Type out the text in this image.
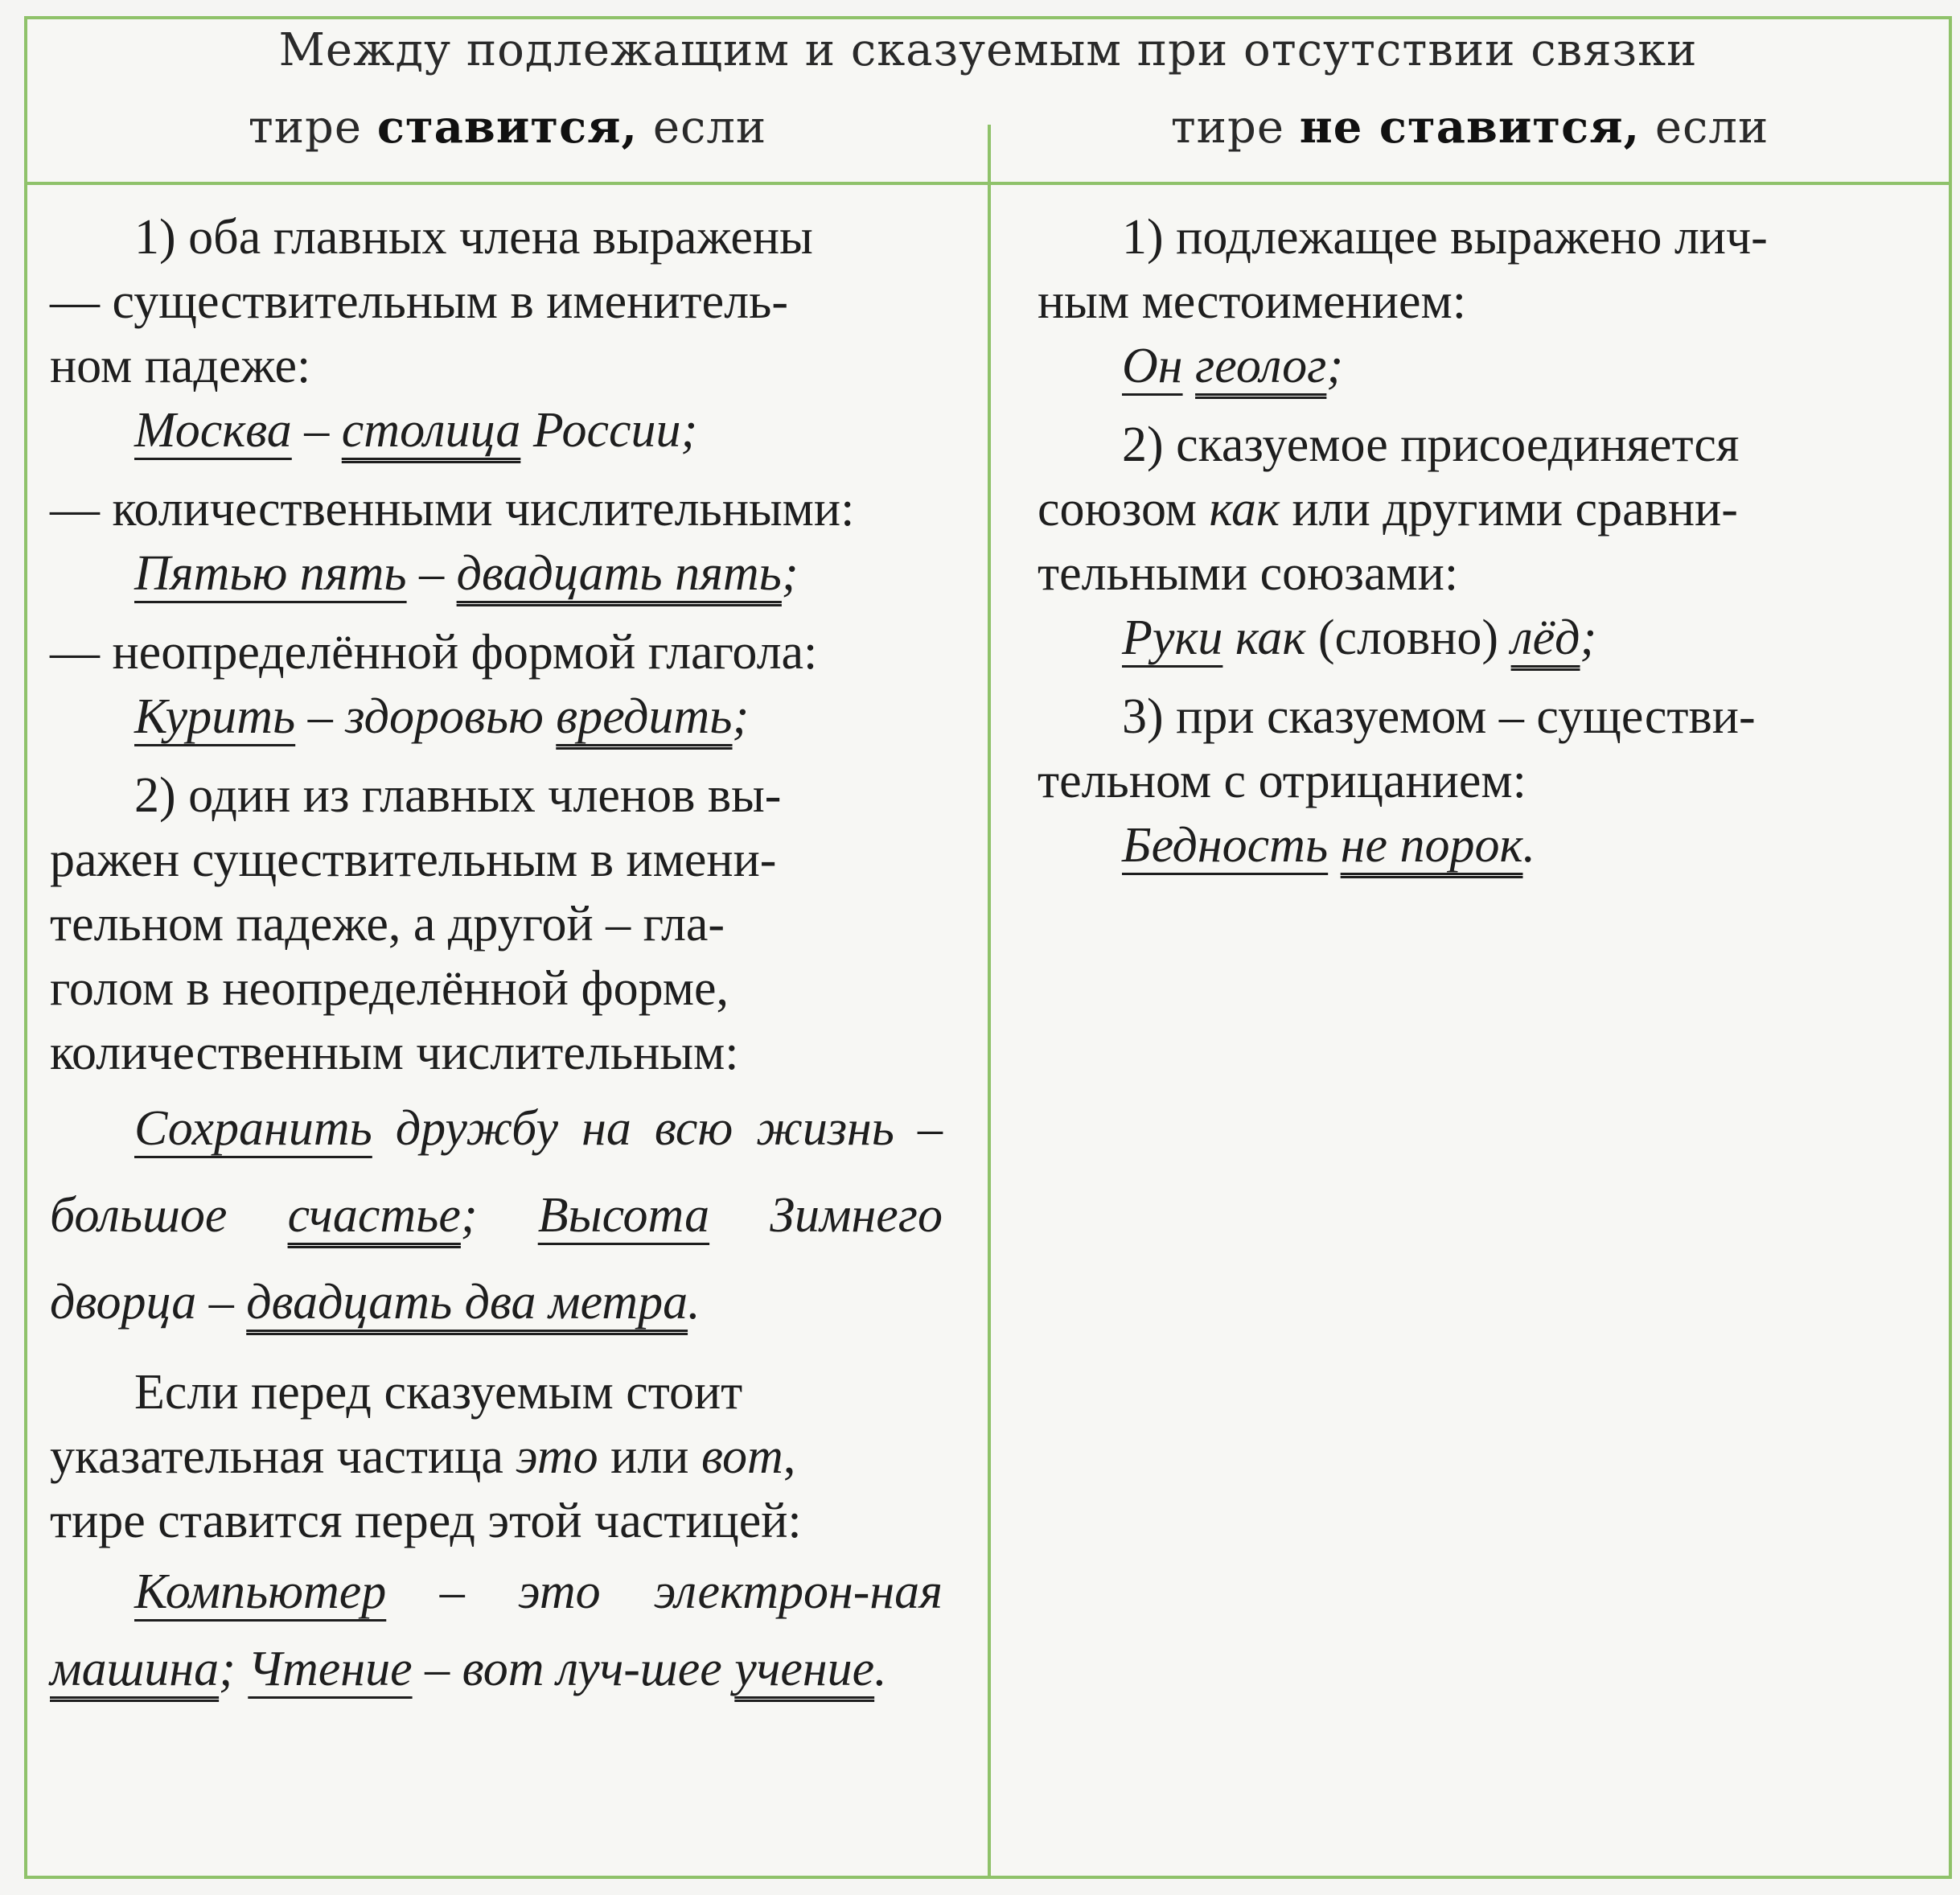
Между подлежащим и сказуемым при отсутствии связки
тире ставится, если	тире не ставится, если

1) оба главных члена выражены

— существительным в именитель-

ном падеже:

Москва – столица России;

— количественными числительными:

Пятью пять – двадцать пять;

— неопределённой формой глагола:

Курить – здоровью вредить;

2) один из главных членов вы-

ражен существительным в имени-

тельном падеже, а другой – гла-

голом в неопределённой форме,

количественным числительным:

Сохранить дружбу на всю жизнь – большое счастье; Высота Зимнего дворца – двадцать два метра.

Если перед сказуемым стоит

указательная частица это или вот,

тире ставится перед этой частицей:

Компьютер – это электрон-ная машина; Чтение – вот луч-шее учение.

1) подлежащее выражено лич-

ным местоимением:

Он геолог;

2) сказуемое присоединяется

союзом как или другими сравни-

тельными союзами:

Руки как (словно) лёд;

3) при сказуемом – существи-

тельном с отрицанием:

Бедность не порок.
